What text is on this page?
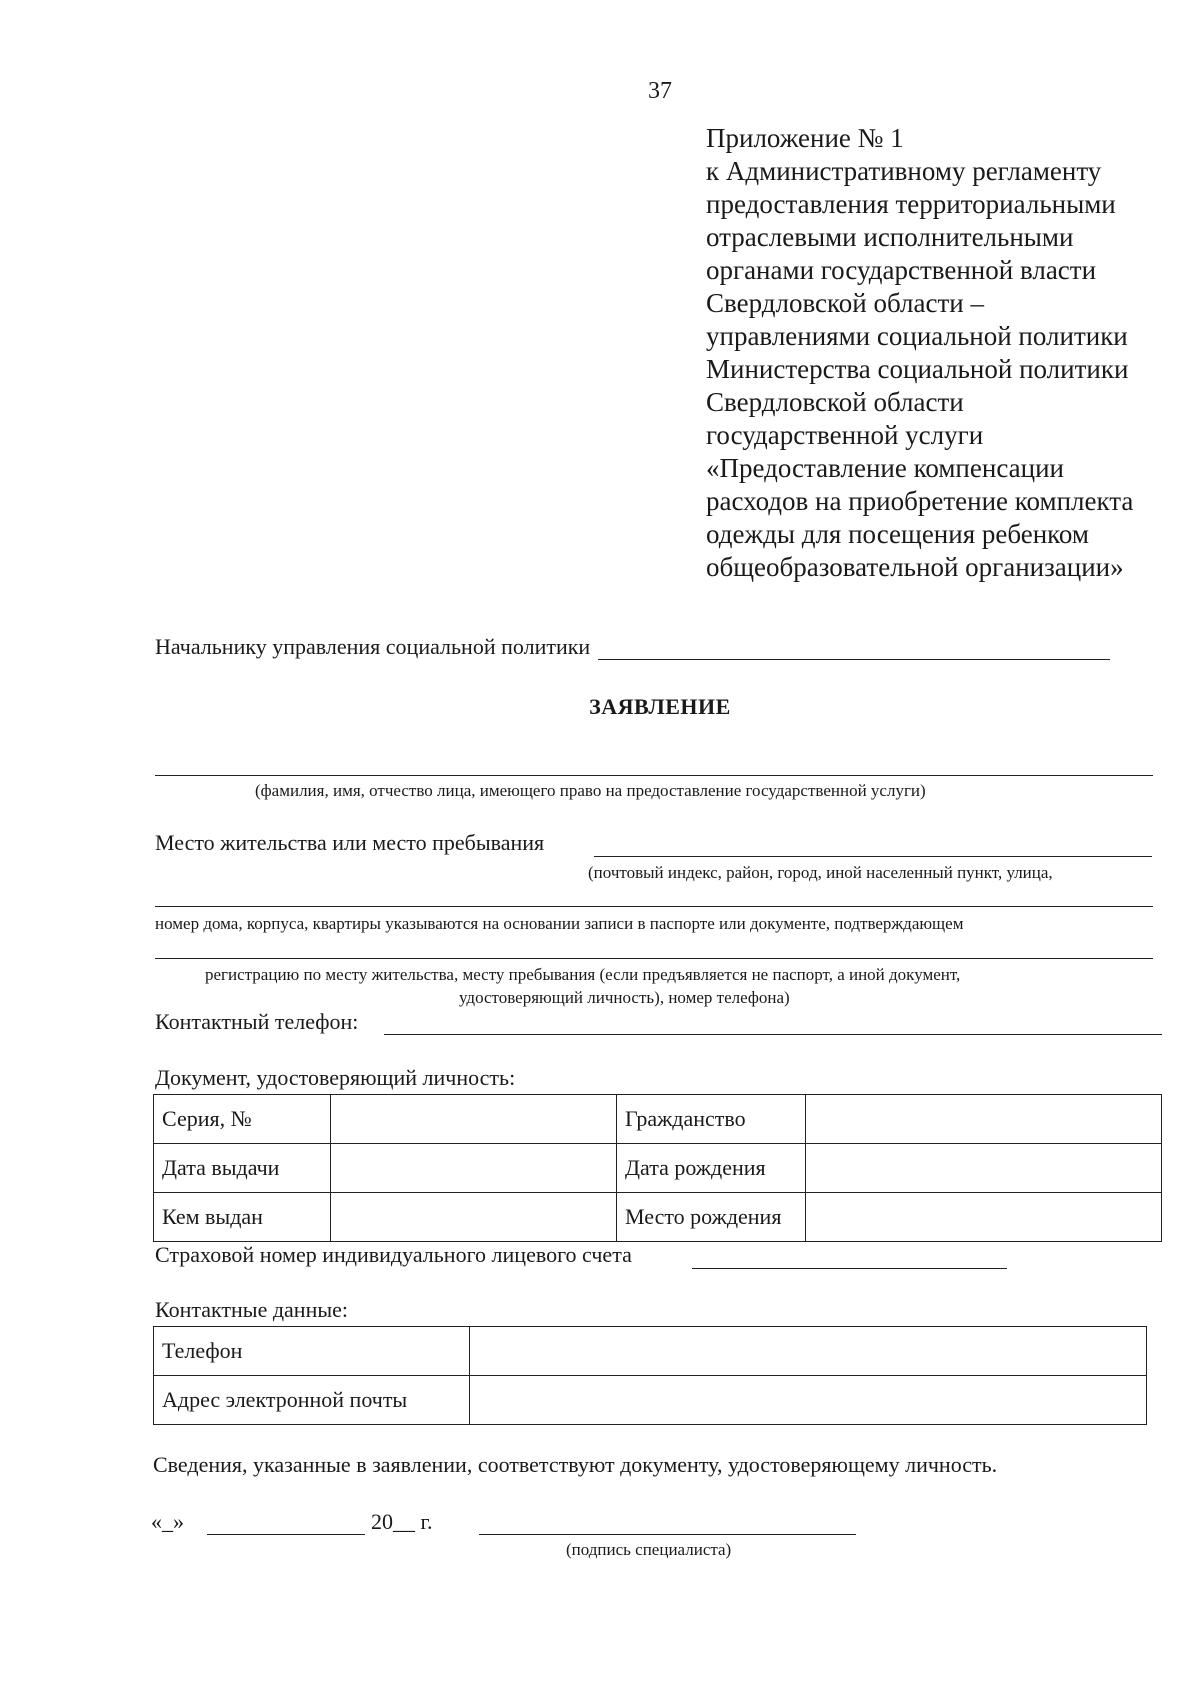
37
Приложение № 1
к Административному регламенту
предоставления территориальными
отраслевыми исполнительными
органами государственной власти
Свердловской области –
управлениями социальной политики
Министерства социальной политики
Свердловской области
государственной услуги
«Предоставление компенсации
расходов на приобретение комплекта
одежды для посещения ребенком
общеобразовательной организации»
Начальнику управления социальной политики
ЗАЯВЛЕНИЕ
(фамилия, имя, отчество лица, имеющего право на предоставление государственной услуги)
Место жительства или место пребывания
(почтовый индекс, район, город, иной населенный пункт, улица,
номер дома, корпуса, квартиры указываются на основании записи в паспорте или документе, подтверждающем
регистрацию по месту жительства, месту пребывания (если предъявляется не паспорт, а иной документ,
удостоверяющий личность), номер телефона)
Контактный телефон:
Документ, удостоверяющий личность:
Серия, №		Гражданство	
Дата выдачи		Дата рождения	
Кем выдан		Место рождения	
Страховой номер индивидуального лицевого счета
Контактные данные:
Телефон	
Адрес электронной почты	
Сведения, указанные в заявлении, соответствуют документу, удостоверяющему личность.
«_»	20__ г.
(подпись специалиста)
